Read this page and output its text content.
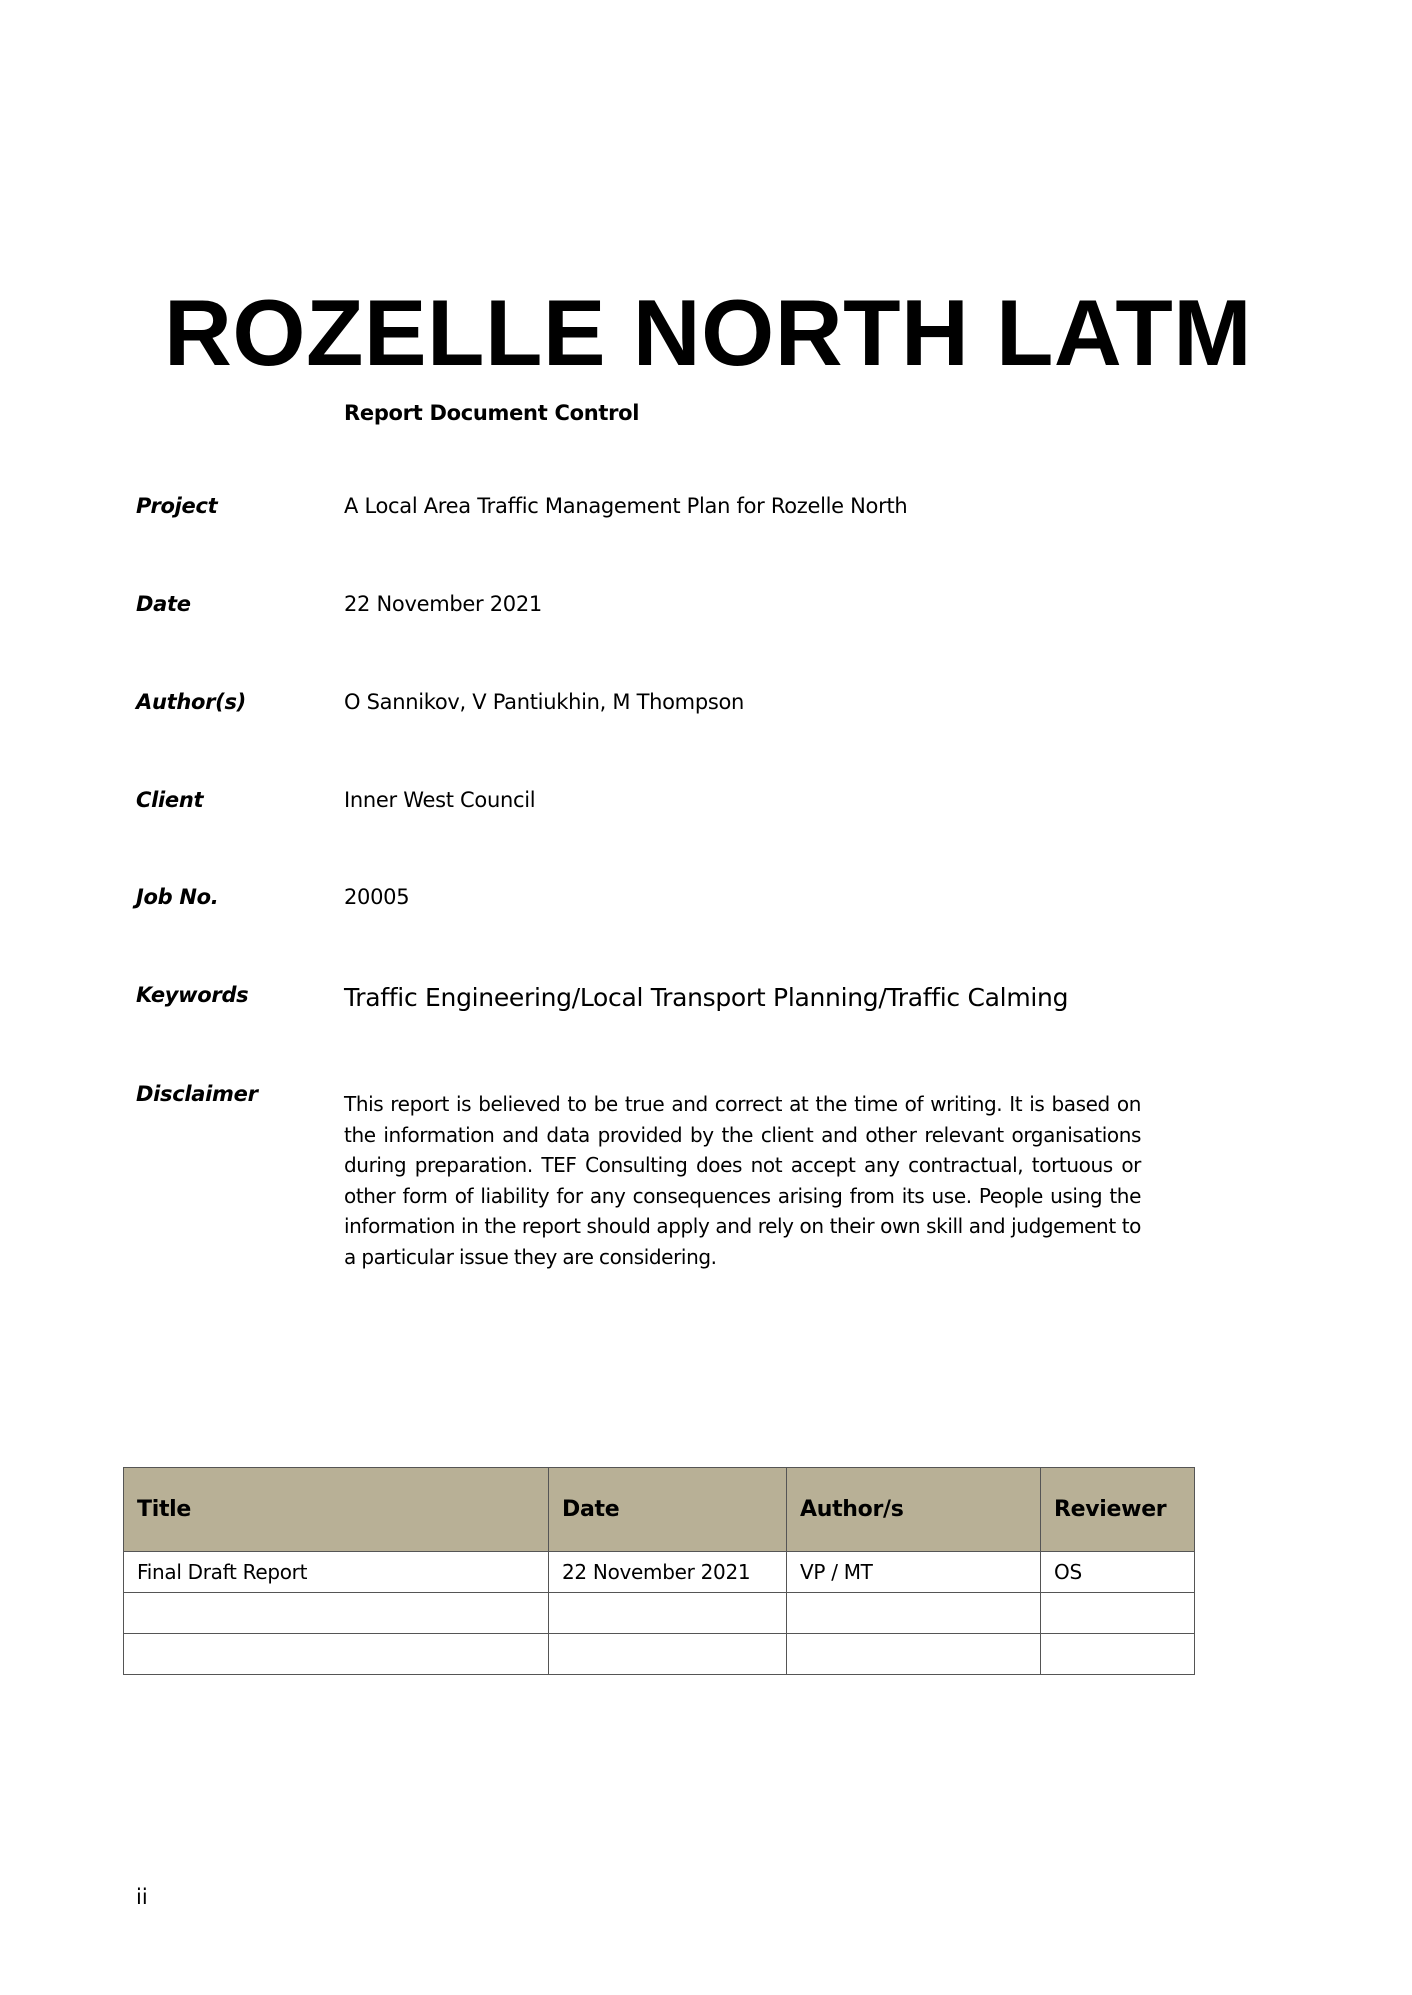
ROZELLE NORTH LATM
Report Document Control
Project	A Local Area Traffic Management Plan for Rozelle North
Date	22 November 2021
Author(s)	O Sannikov, V Pantiukhin, M Thompson
Client	Inner West Council
Job No.	20005
Keywords	Traffic Engineering/Local Transport Planning/Traffic Calming
Disclaimer	This report is believed to be true and correct at the time of writing. It is based on the information and data provided by the client and other relevant organisations during preparation. TEF Consulting does not accept any contractual, tortuous or other form of liability for any consequences arising from its use. People using the information in the report should apply and rely on their own skill and judgement to a particular issue they are considering.
Title	Date	Author/s	Reviewer
Final Draft Report	22 November 2021	VP / MT	OS

ii
